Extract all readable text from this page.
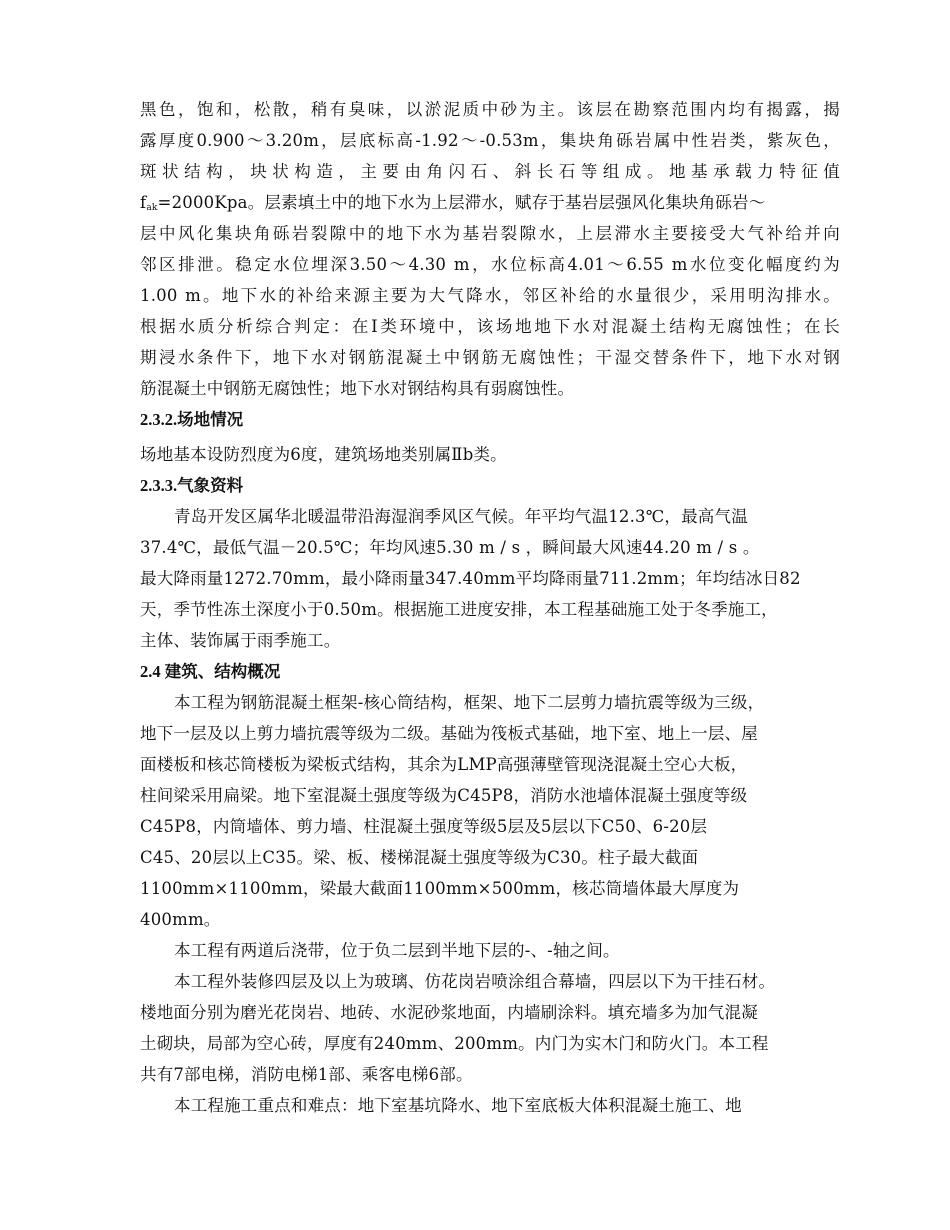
黑色，饱和，松散，稍有臭味，以淤泥质中砂为主。该层在勘察范围内均有揭露，揭
露厚度0.900～3.20m，层底标高-1.92～-0.53m，集块角砾岩属中性岩类，紫灰色，
斑状结构，块状构造，主要由角闪石、斜长石等组成。地基承载力特征值
$f_{ak}=2000Kpa$。层素填土中的地下水为上层滞水，赋存于基岩层强风化集块角砾岩～
层中风化集块角砾岩裂隙中的地下水为基岩裂隙水，上层滞水主要接受大气补给并向
邻区排泄。稳定水位埋深3.50～4.30 m，水位标高4.01～6.55 m水位变化幅度约为
1.00 m。地下水的补给来源主要为大气降水，邻区补给的水量很少，采用明沟排水。
根据水质分析综合判定：在Ⅰ类环境中，该场地地下水对混凝土结构无腐蚀性；在长
期浸水条件下，地下水对钢筋混凝土中钢筋无腐蚀性；干湿交替条件下，地下水对钢
筋混凝土中钢筋无腐蚀性；地下水对钢结构具有弱腐蚀性。
2.3.2.场地情况
场地基本设防烈度为6度，建筑场地类别属Ⅱb类。
2.3.3.气象资料
青岛开发区属华北暖温带沿海湿润季风区气候。年平均气温12.3℃，最高气温
37.4℃，最低气温－20.5℃；年均风速5.30 m / s ，瞬间最大风速44.20 m / s 。
最大降雨量1272.70mm，最小降雨量347.40mm平均降雨量711.2mm；年均结冰日82
天，季节性冻土深度小于0.50m。根据施工进度安排，本工程基础施工处于冬季施工，
主体、装饰属于雨季施工。
2.4 建筑、结构概况
本工程为钢筋混凝土框架-核心筒结构，框架、地下二层剪力墙抗震等级为三级，
地下一层及以上剪力墙抗震等级为二级。基础为筏板式基础，地下室、地上一层、屋
面楼板和核芯筒楼板为梁板式结构，其余为LMP高强薄壁管现浇混凝土空心大板，
柱间梁采用扁梁。地下室混凝土强度等级为C45P8，消防水池墙体混凝土强度等级
C45P8，内筒墙体、剪力墙、柱混凝土强度等级5层及5层以下C50、6-20层
C45、20层以上C35。梁、板、楼梯混凝土强度等级为C30。柱子最大截面
1100mm×1100mm，梁最大截面1100mm×500mm，核芯筒墙体最大厚度为
400mm。
本工程有两道后浇带，位于负二层到半地下层的-、-轴之间。
本工程外装修四层及以上为玻璃、仿花岗岩喷涂组合幕墙，四层以下为干挂石材。
楼地面分别为磨光花岗岩、地砖、水泥砂浆地面，内墙刷涂料。填充墙多为加气混凝
土砌块，局部为空心砖，厚度有240mm、200mm。内门为实木门和防火门。本工程
共有7部电梯，消防电梯1部、乘客电梯6部。
本工程施工重点和难点：地下室基坑降水、地下室底板大体积混凝土施工、地
